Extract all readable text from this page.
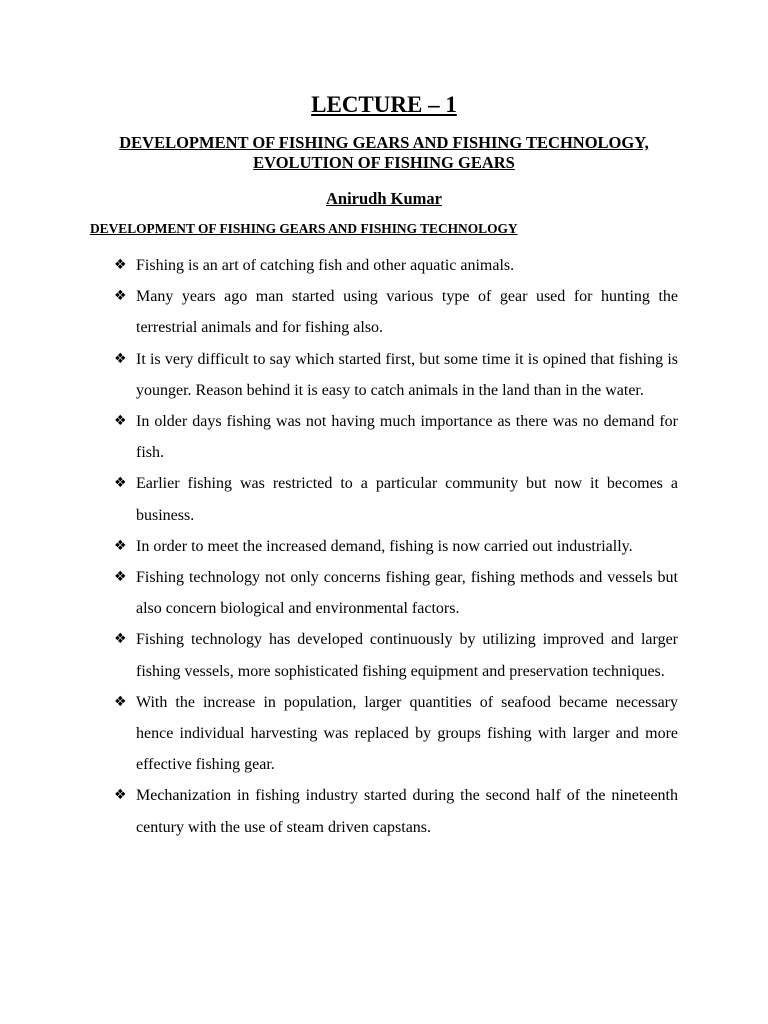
LECTURE – 1
DEVELOPMENT OF FISHING GEARS AND FISHING TECHNOLOGY,
EVOLUTION OF FISHING GEARS
Anirudh Kumar
DEVELOPMENT OF FISHING GEARS AND FISHING TECHNOLOGY
❖ Fishing is an art of catching fish and other aquatic animals.
❖ Many years ago man started using various type of gear used for hunting the terrestrial animals and for fishing also.
❖ It is very difficult to say which started first, but some time it is opined that fishing is younger. Reason behind it is easy to catch animals in the land than in the water.
❖ In older days fishing was not having much importance as there was no demand for fish.
❖ Earlier fishing was restricted to a particular community but now it becomes a business.
❖ In order to meet the increased demand, fishing is now carried out industrially.
❖ Fishing technology not only concerns fishing gear, fishing methods and vessels but also concern biological and environmental factors.
❖ Fishing technology has developed continuously by utilizing improved and larger fishing vessels, more sophisticated fishing equipment and preservation techniques.
❖ With the increase in population, larger quantities of seafood became necessary hence individual harvesting was replaced by groups fishing with larger and more effective fishing gear.
❖ Mechanization in fishing industry started during the second half of the nineteenth century with the use of steam driven capstans.
